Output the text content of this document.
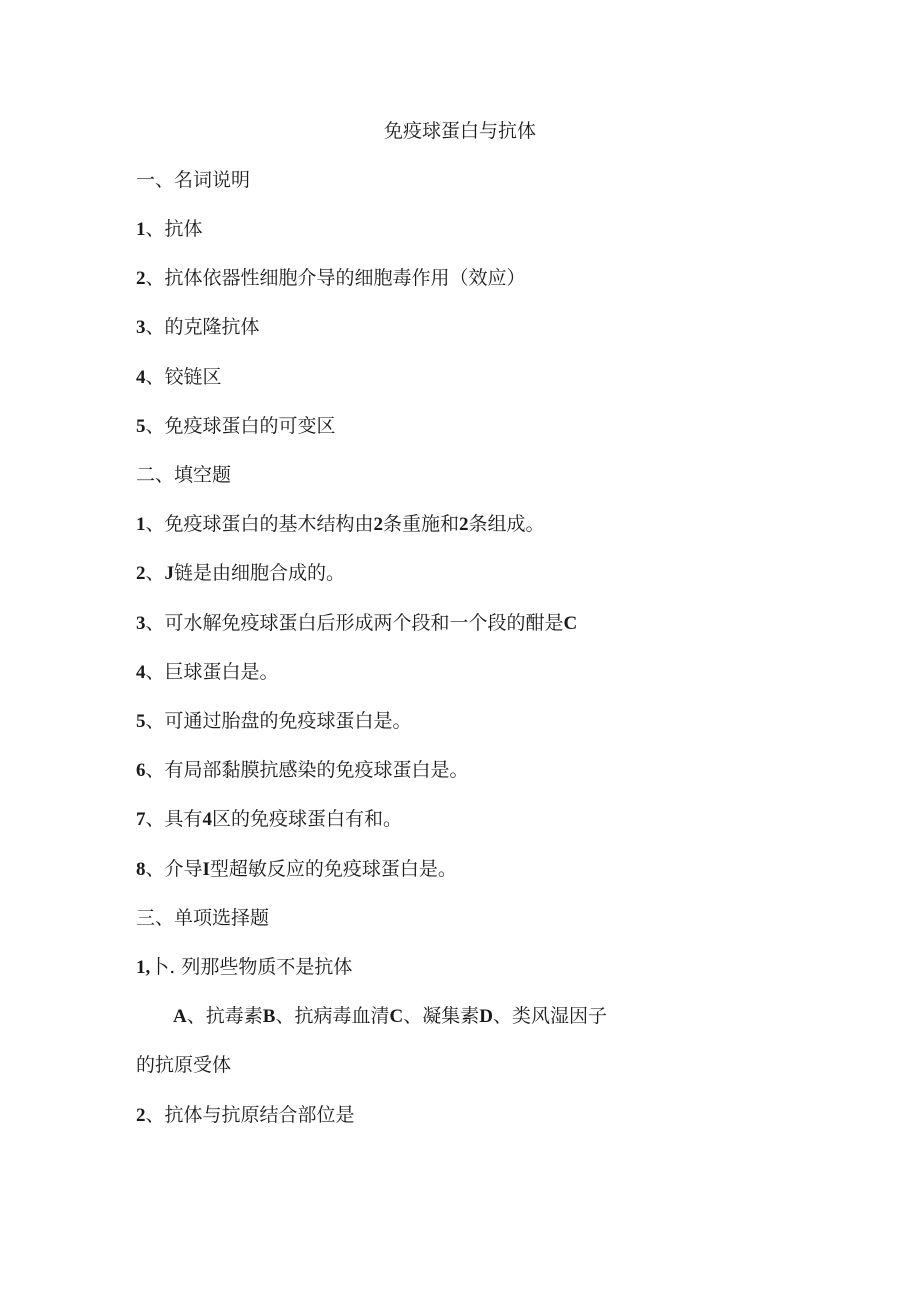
免疫球蛋白与抗体
一、名词说明
1、抗体
2、抗体依器性细胞介导的细胞毒作用（效应）
3、的克隆抗体
4、铰链区
5、免疫球蛋白的可变区
二、填空题
1、免疫球蛋白的基木结构由2条重施和2条组成。
2、J链是由细胞合成的。
3、可水解免疫球蛋白后形成两个段和一个段的酣是C
4、巨球蛋白是。
5、可通过胎盘的免疫球蛋白是。
6、有局部黏膜抗感染的免疫球蛋白是。
7、具有4区的免疫球蛋白有和。
8、介导I型超敏反应的免疫球蛋白是。
三、单项选择题
1,卜. 列那些物质不是抗体
A、抗毒素B、抗病毒血清C、凝集素D、类风湿因子
的抗原受体
2、抗体与抗原结合部位是
